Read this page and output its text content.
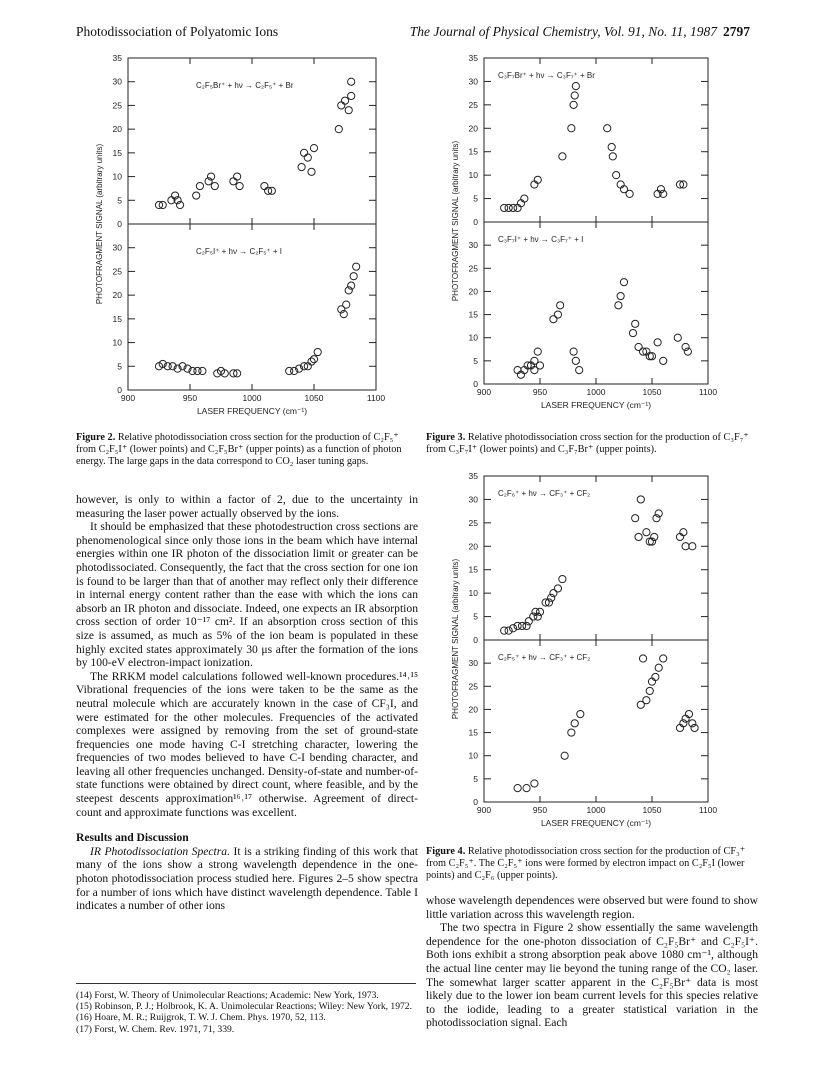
Photodissociation of Polyatomic Ions	The Journal of Physical Chemistry, Vol. 91, No. 11, 1987 2797
0
5
10
15
20
25
30
35
C₂F₅Br⁺ + hν → C₂F₅⁺ + Br
0
5
10
15
20
25
30	C₂F₅I⁺ + hν → C₂F₅⁺ + I
900	950	1000	1050	1100
LASER FREQUENCY (cm⁻¹)
PHOTOFRAGMENT SIGNAL (arbitrary units)
Figure 2. Relative photodissociation cross section for the production of C₂F₅⁺ from C₂F₅I⁺ (lower points) and C₂F₅Br⁺ (upper points) as a function of photon energy. The large gaps in the data correspond to CO₂ laser tuning gaps.
0
5
10
15
20
25
30
35
C₃F₇Br⁺ + hν → C₃F₇⁺ + Br
0
5
10
15
20
25
30
C₃F₇I⁺ + hν → C₃F₇⁺ + I
900	950	1000	1050	1100
LASER FREQUENCY (cm⁻¹)
PHOTOFRAGMENT SIGNAL (arbitrary units)
Figure 3. Relative photodissociation cross section for the production of C₃F₇⁺ from C₃F₇I⁺ (lower points) and C₃F₇Br⁺ (upper points).
0
5
10
15
20
25
30
35
C₂F₆⁺ + hν → CF₃⁺ + CF₂
0
5
10
15
20
25
30
C₂F₅⁺ + hν → CF₃⁺ + CF₂
900	950	1000	1050	1100
LASER FREQUENCY (cm⁻¹)
PHOTOFRAGMENT SIGNAL (arbitrary units)
Figure 4. Relative photodissociation cross section for the production of CF₃⁺ from C₂F₅⁺. The C₂F₅⁺ ions were formed by electron impact on C₂F₅I (lower points) and C₂F₆ (upper points).

however, is only to within a factor of 2, due to the uncertainty in measuring the laser power actually observed by the ions.

It should be emphasized that these photodestruction cross sections are phenomenological since only those ions in the beam which have internal energies within one IR photon of the dissociation limit or greater can be photodissociated. Consequently, the fact that the cross section for one ion is found to be larger than that of another may reflect only their difference in internal energy content rather than the ease with which the ions can absorb an IR photon and dissociate. Indeed, one expects an IR absorption cross section of order 10⁻¹⁷ cm². If an absorption cross section of this size is assumed, as much as 5% of the ion beam is populated in these highly excited states approximately 30 μs after the formation of the ions by 100-eV electron-impact ionization.

The RRKM model calculations followed well-known procedures.¹⁴˒¹⁵ Vibrational frequencies of the ions were taken to be the same as the neutral molecule which are accurately known in the case of CF₃I, and were estimated for the other molecules. Frequencies of the activated complexes were assigned by removing from the set of ground-state frequencies one mode having C-I stretching character, lowering the frequencies of two modes believed to have C-I bending character, and leaving all other frequencies unchanged. Density-of-state and number-of-state functions were obtained by direct count, where feasible, and by the steepest descents approximation¹⁶˒¹⁷ otherwise. Agreement of direct-count and approximate functions was excellent.

Results and Discussion

IR Photodissociation Spectra. It is a striking finding of this work that many of the ions show a strong wavelength dependence in the one-photon photodissociation process studied here. Figures 2–5 show spectra for a number of ions which have distinct wavelength dependence. Table I indicates a number of other ions

(14) Forst, W. Theory of Unimolecular Reactions; Academic: New York, 1973.
(15) Robinson, P. J.; Holbrook, K. A. Unimolecular Reactions; Wiley: New York, 1972.
(16) Hoare, M. R.; Ruijgrok, T. W. J. Chem. Phys. 1970, 52, 113.
(17) Forst, W. Chem. Rev. 1971, 71, 339.

whose wavelength dependences were observed but were found to show little variation across this wavelength region.

The two spectra in Figure 2 show essentially the same wavelength dependence for the one-photon dissociation of C₂F₅Br⁺ and C₂F₅I⁺. Both ions exhibit a strong absorption peak above 1080 cm⁻¹, although the actual line center may lie beyond the tuning range of the CO₂ laser. The somewhat larger scatter apparent in the C₂F₅Br⁺ data is most likely due to the lower ion beam current levels for this species relative to the iodide, leading to a greater statistical variation in the photodissociation signal. Each
